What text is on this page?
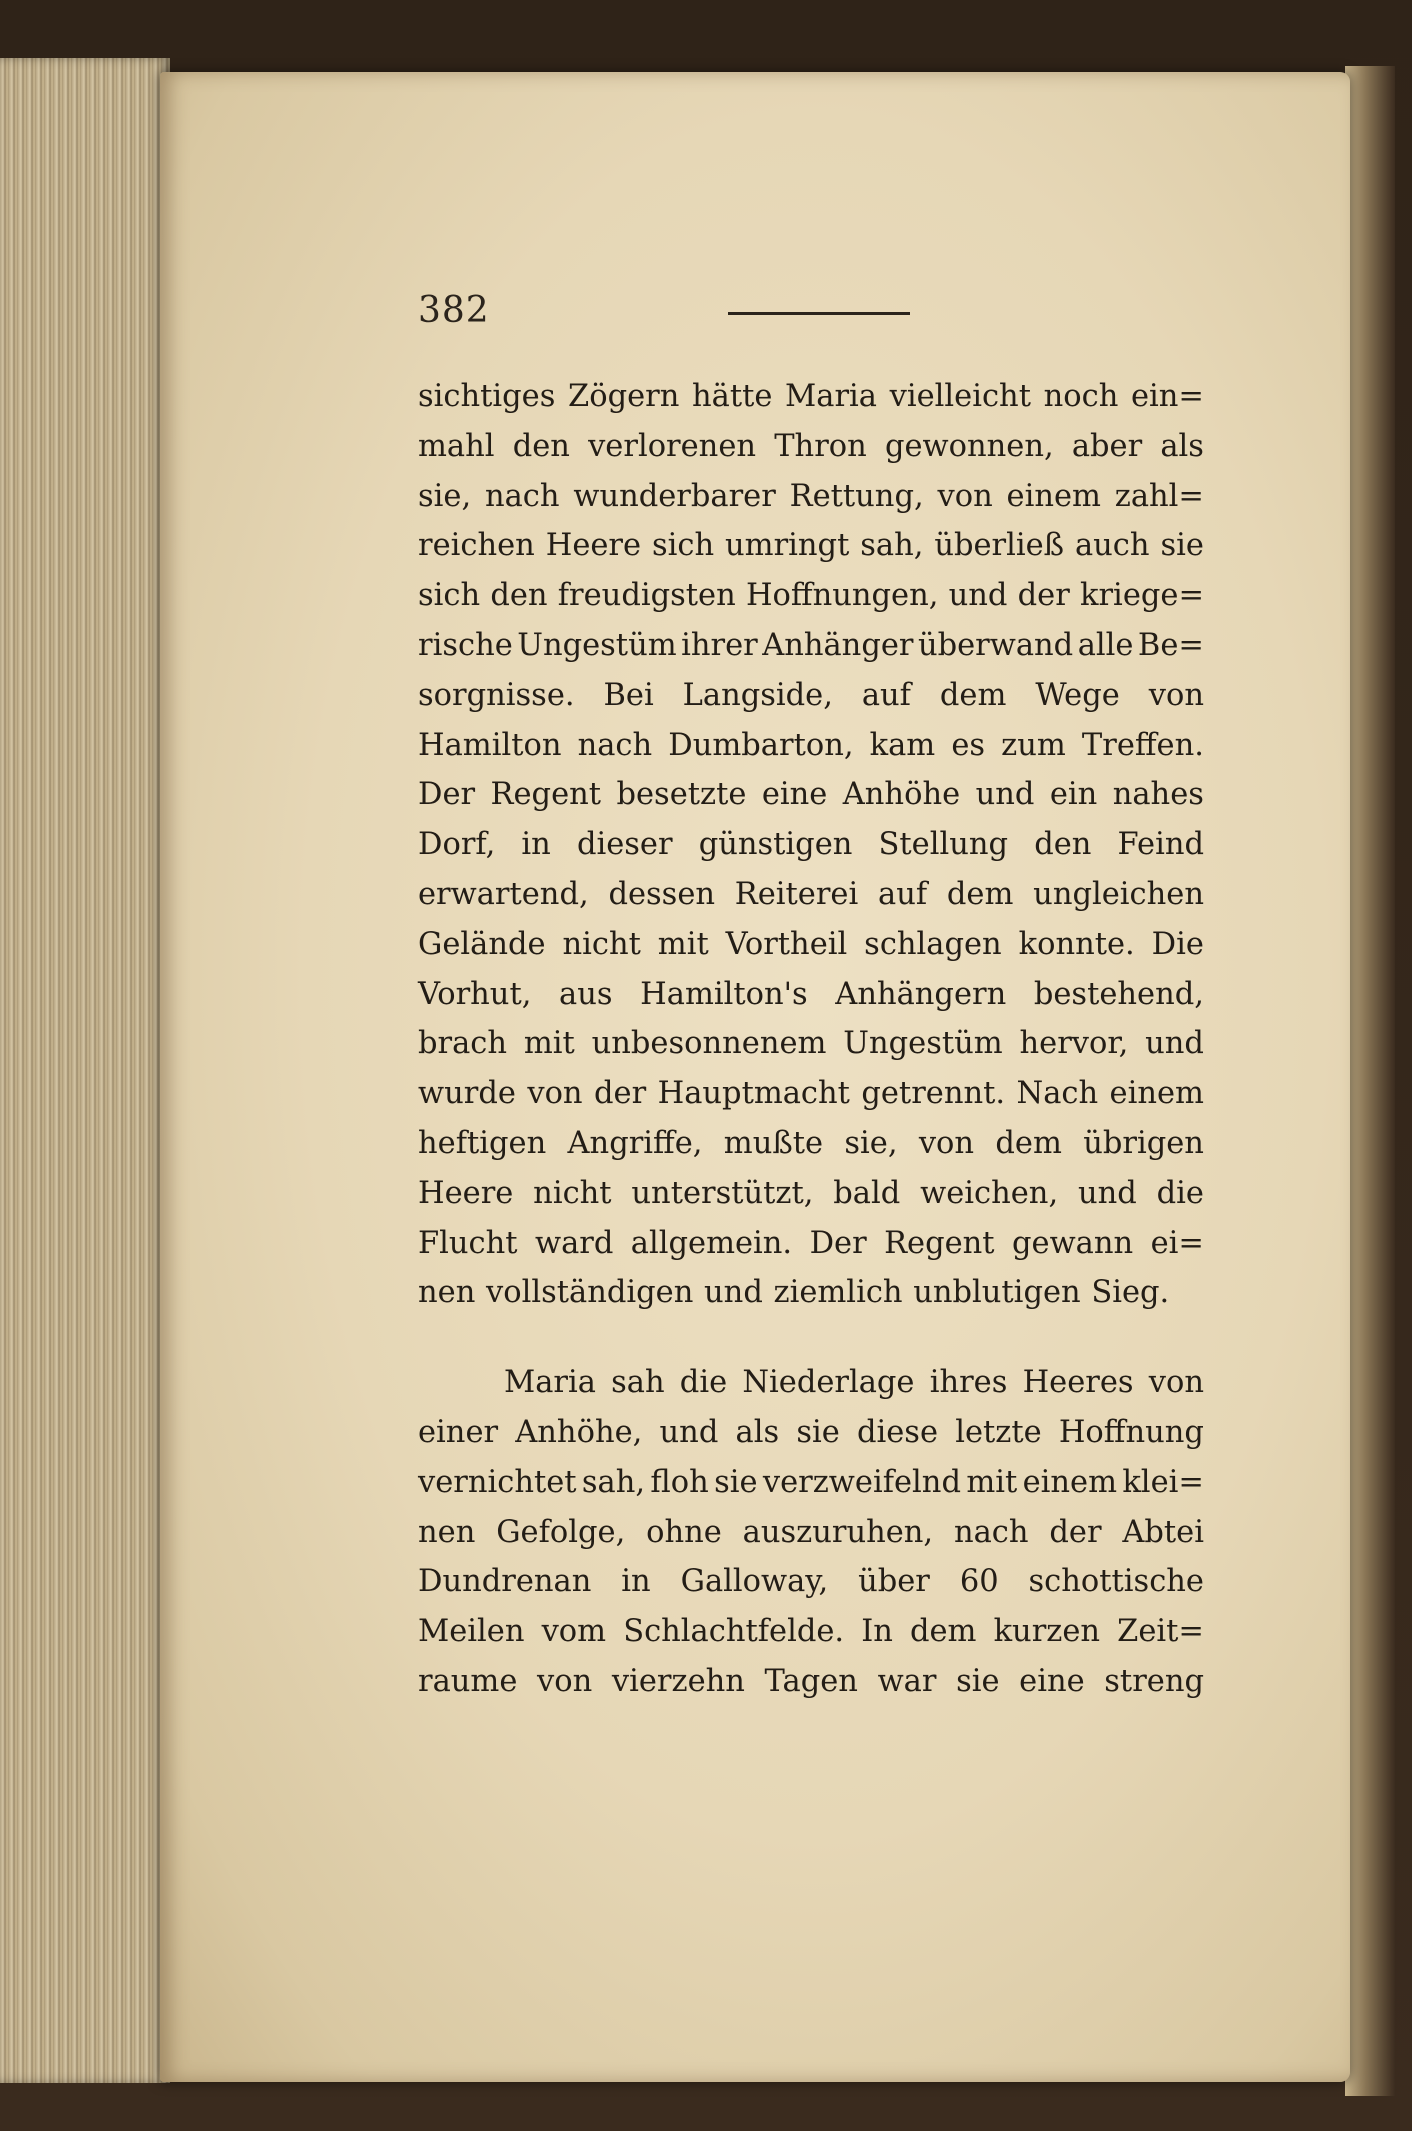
382
sichtiges Zögern hätte Maria vielleicht noch ein=
mahl den verlorenen Thron gewonnen, aber als
sie, nach wunderbarer Rettung, von einem zahl=
reichen Heere sich umringt sah, überließ auch sie
sich den freudigsten Hoffnungen, und der kriege=
rische Ungestüm ihrer Anhänger überwand alle Be=
sorgnisse. Bei Langside, auf dem Wege von
Hamilton nach Dumbarton, kam es zum Treffen.
Der Regent besetzte eine Anhöhe und ein nahes
Dorf, in dieser günstigen Stellung den Feind
erwartend, dessen Reiterei auf dem ungleichen
Gelände nicht mit Vortheil schlagen konnte. Die
Vorhut, aus Hamilton's Anhängern bestehend,
brach mit unbesonnenem Ungestüm hervor, und
wurde von der Hauptmacht getrennt. Nach einem
heftigen Angriffe, mußte sie, von dem übrigen
Heere nicht unterstützt, bald weichen, und die
Flucht ward allgemein. Der Regent gewann ei=
nen vollständigen und ziemlich unblutigen Sieg.
Maria sah die Niederlage ihres Heeres von
einer Anhöhe, und als sie diese letzte Hoffnung
vernichtet sah, floh sie verzweifelnd mit einem klei=
nen Gefolge, ohne auszuruhen, nach der Abtei
Dundrenan in Galloway, über 60 schottische
Meilen vom Schlachtfelde. In dem kurzen Zeit=
raume von vierzehn Tagen war sie eine streng
